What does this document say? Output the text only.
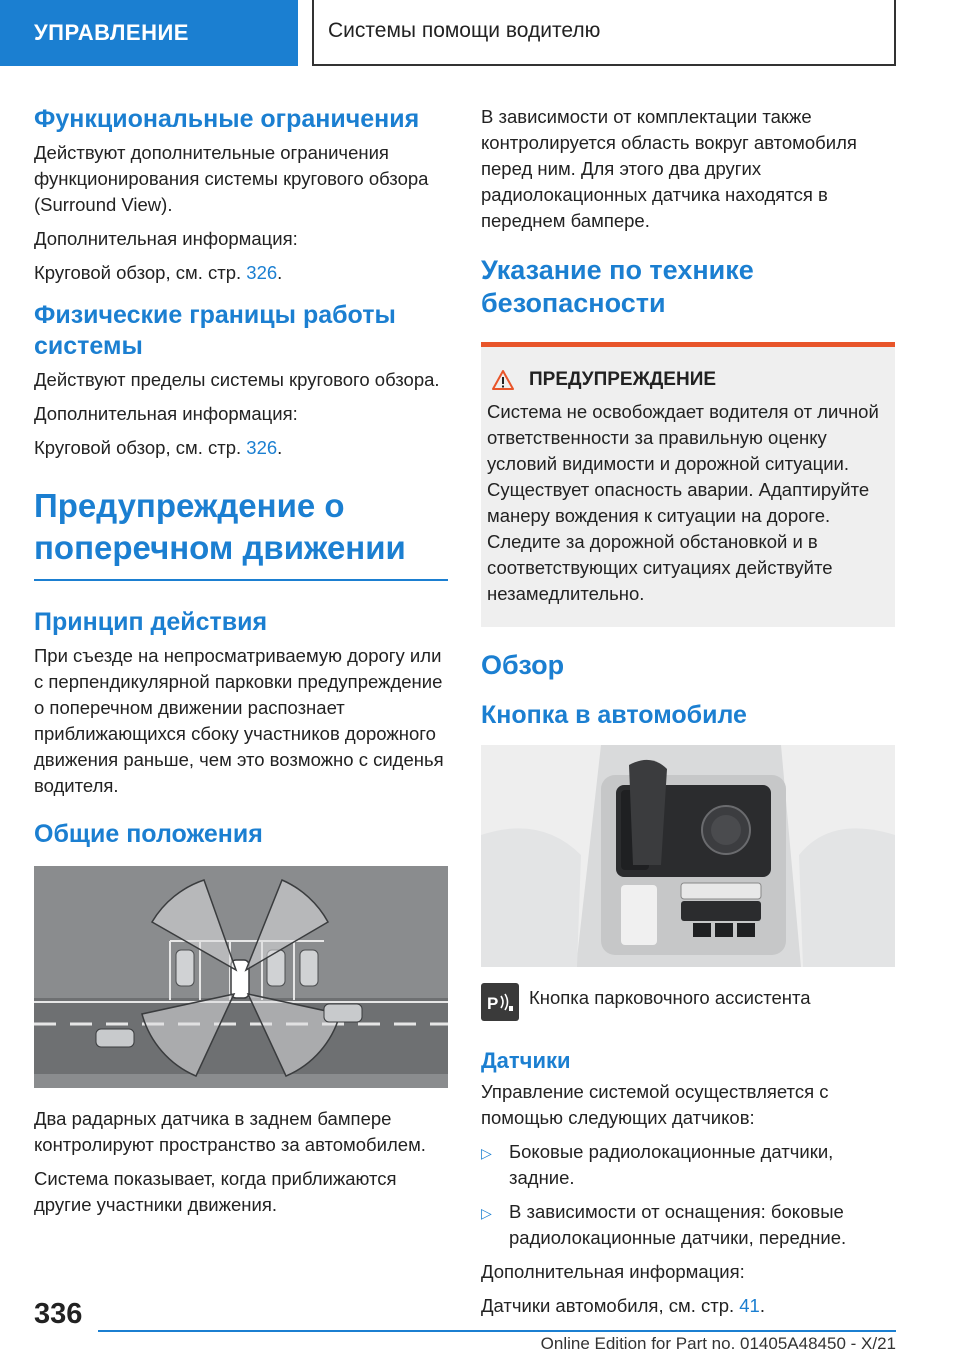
УПРАВЛЕНИЕ	Системы помощи водителю
Функциональные ограничения

Действуют дополнительные ограничения функционирования системы кругового обзора (Surround View).

Дополнительная информация:

Круговой обзор, см. стр. 326.

Физические границы работы системы

Действуют пределы системы кругового обзора.

Дополнительная информация:

Круговой обзор, см. стр. 326.

Предупреждение о поперечном движении
Принцип действия

При съезде на непросматриваемую дорогу или с перпендикулярной парковки предупреждение о поперечном движении распознает приближающихся сбоку участников дорожного движения раньше, чем это возможно с сиденья водителя.

Общие положения

Два радарных датчика в заднем бампере контролируют пространство за автомобилем.

Система показывает, когда приближаются другие участники движения.

В зависимости от комплектации также контролируется область вокруг автомобиля перед ним. Для этого два других радиолокационных датчика находятся в переднем бампере.

Указание по технике безопасности
ПРЕДУПРЕЖДЕНИЕ

Система не освобождает водителя от личной ответственности за правильную оценку условий видимости и дорожной ситуации. Существует опасность аварии. Адаптируйте манеру вождения к ситуации на дороге. Следите за дорожной обстановкой и в соответствующих ситуациях действуйте незамедлительно.

Обзор
Кнопка в автомобиле
P Кнопка парковочного ассистента

Датчики

Управление системой осуществляется с помощью следующих датчиков:

▷ Боковые радиолокационные датчики, задние.
▷ В зависимости от оснащения: боковые радиолокационные датчики, передние.

Дополнительная информация:

Датчики автомобиля, см. стр. 41.

336
Online Edition for Part no. 01405A48450 - X/21
